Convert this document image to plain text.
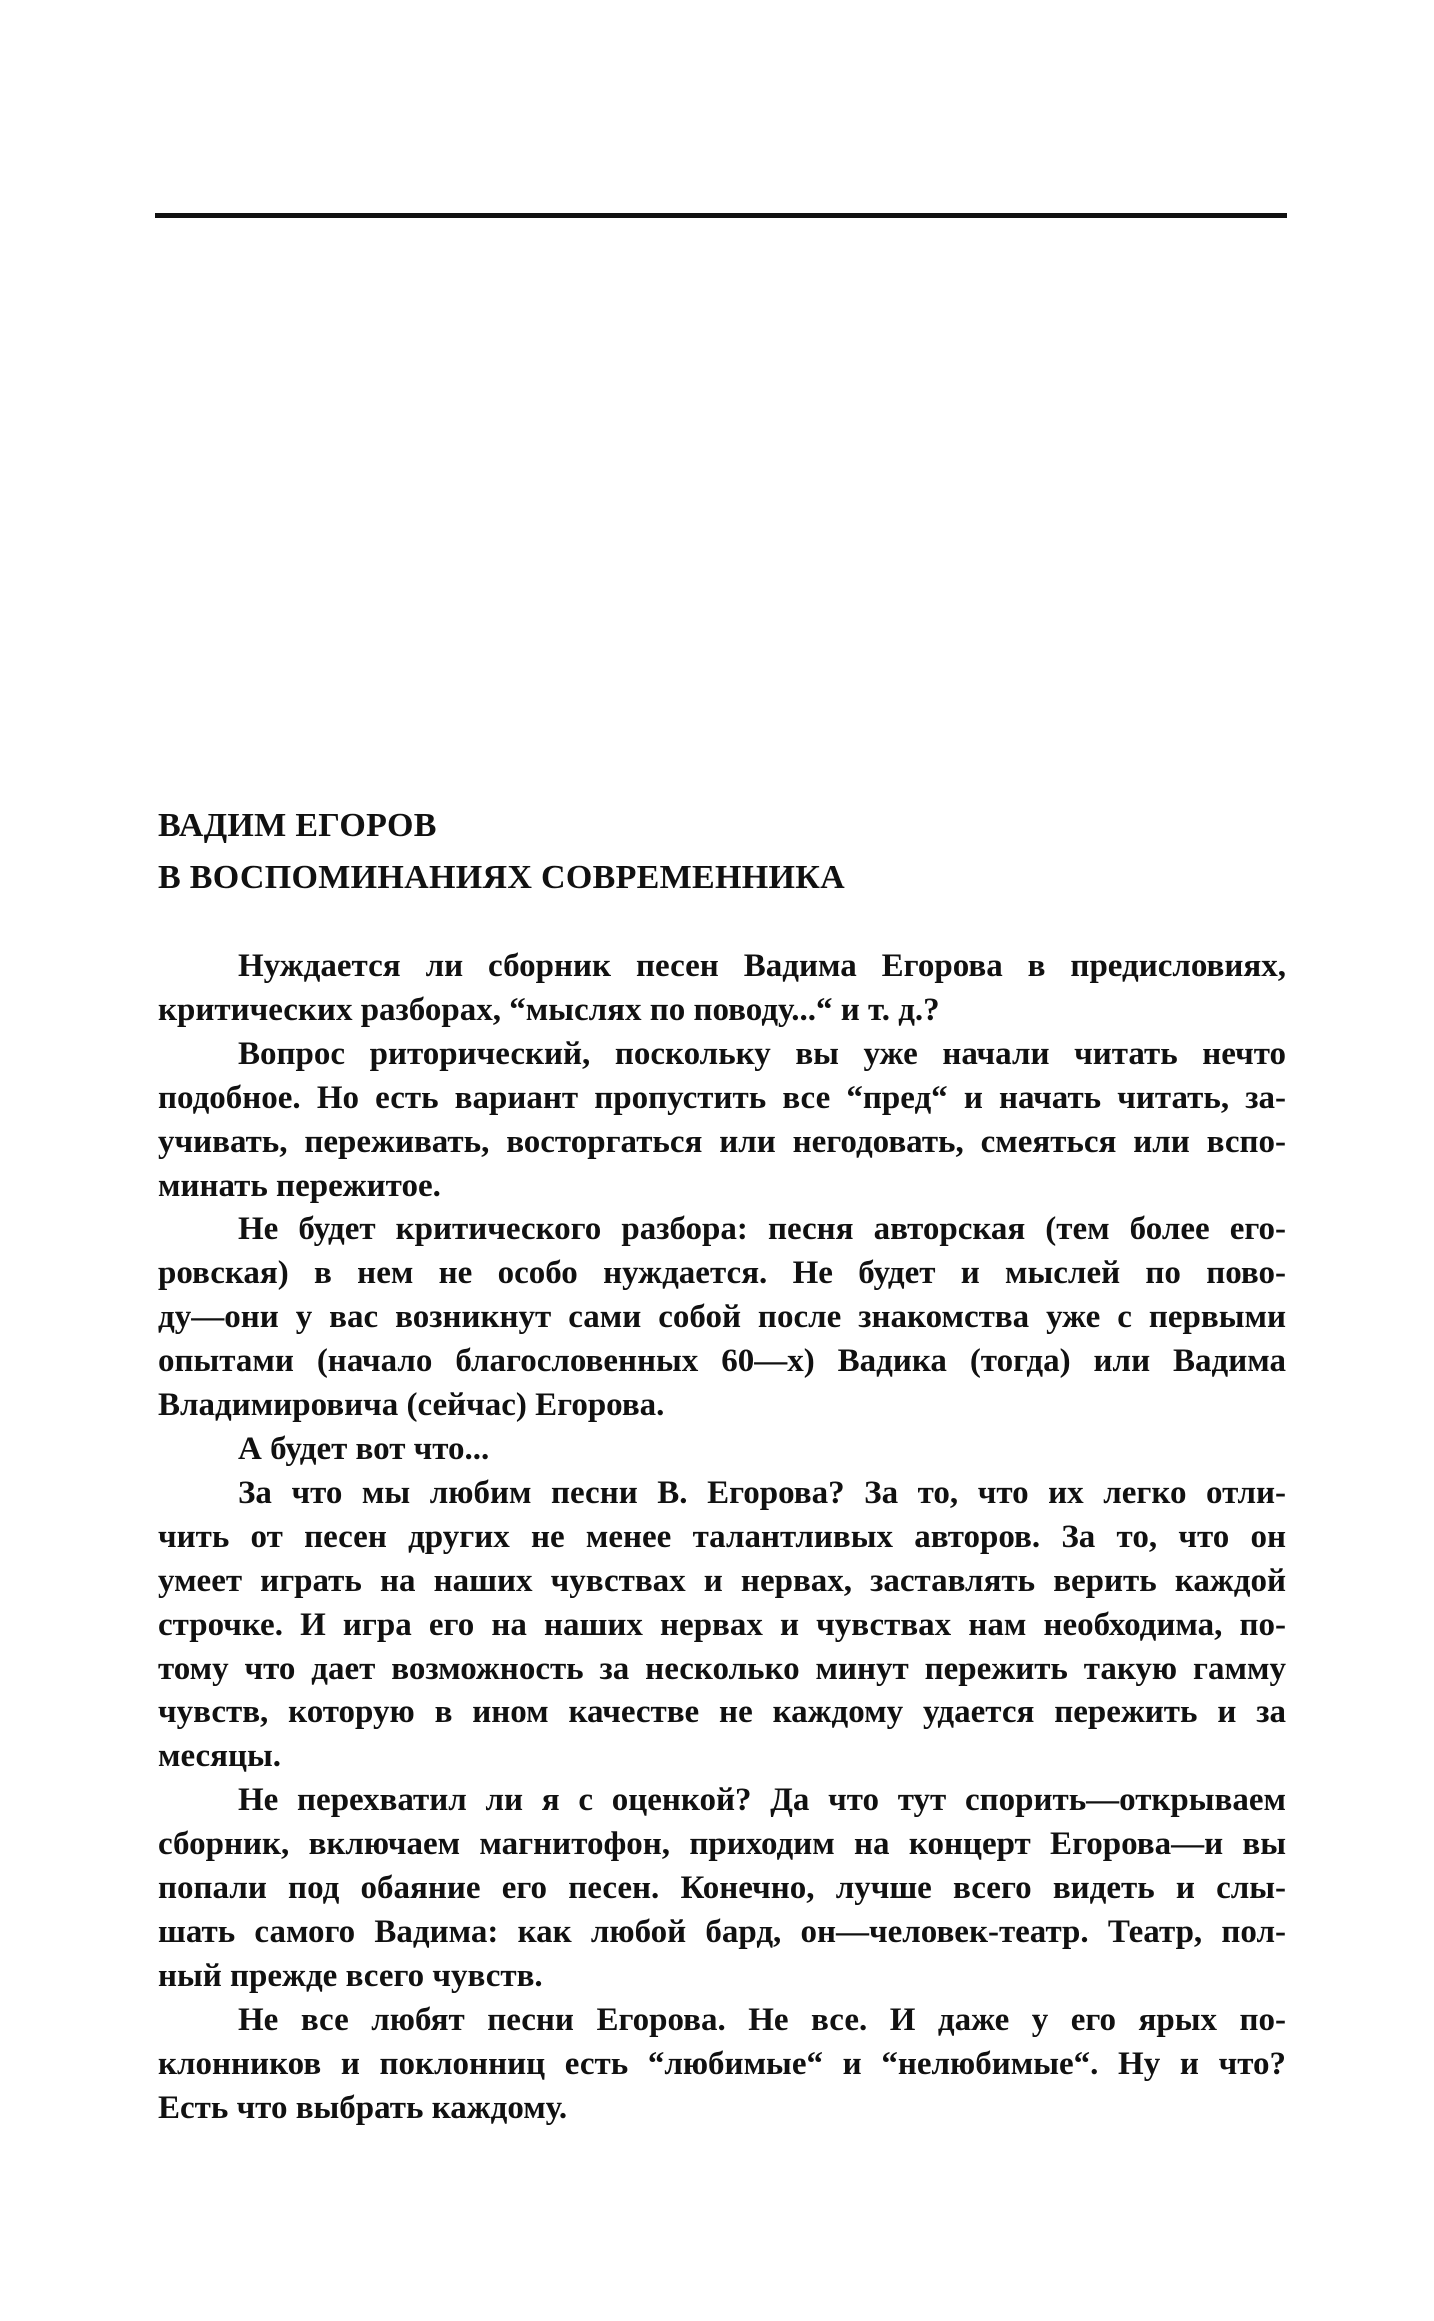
ВАДИМ ЕГОРОВ
В ВОСПОМИНАНИЯХ СОВРЕМЕННИКА

Нуждается ли сборник песен Вадима Егорова в предисловиях,
критических разборах, “мыслях по поводу...“ и т. д.?

Вопрос риторический, поскольку вы уже начали читать нечто
подобное. Но есть вариант пропустить все “пред“ и начать читать, за-
учивать, переживать, восторгаться или негодовать, смеяться или вспо-
минать пережитое.

Не будет критического разбора: песня авторская (тем более его-
ровская) в нем не особо нуждается. Не будет и мыслей по пово-
ду—они у вас возникнут сами собой после знакомства уже с первыми
опытами (начало благословенных 60—х) Вадика (тогда) или Вадима
Владимировича (сейчас) Егорова.

А будет вот что...

За что мы любим песни В. Егорова? За то, что их легко отли-
чить от песен других не менее талантливых авторов. За то, что он
умеет играть на наших чувствах и нервах, заставлять верить каждой
строчке. И игра его на наших нервах и чувствах нам необходима, по-
тому что дает возможность за несколько минут пережить такую гамму
чувств, которую в ином качестве не каждому удается пережить и за
месяцы.

Не перехватил ли я с оценкой? Да что тут спорить—открываем
сборник, включаем магнитофон, приходим на концерт Егорова—и вы
попали под обаяние его песен. Конечно, лучше всего видеть и слы-
шать самого Вадима: как любой бард, он—человек-театр. Театр, пол-
ный прежде всего чувств.

Не все любят песни Егорова. Не все. И даже у его ярых по-
клонников и поклонниц есть “любимые“ и “нелюбимые“. Ну и что?
Есть что выбрать каждому.
